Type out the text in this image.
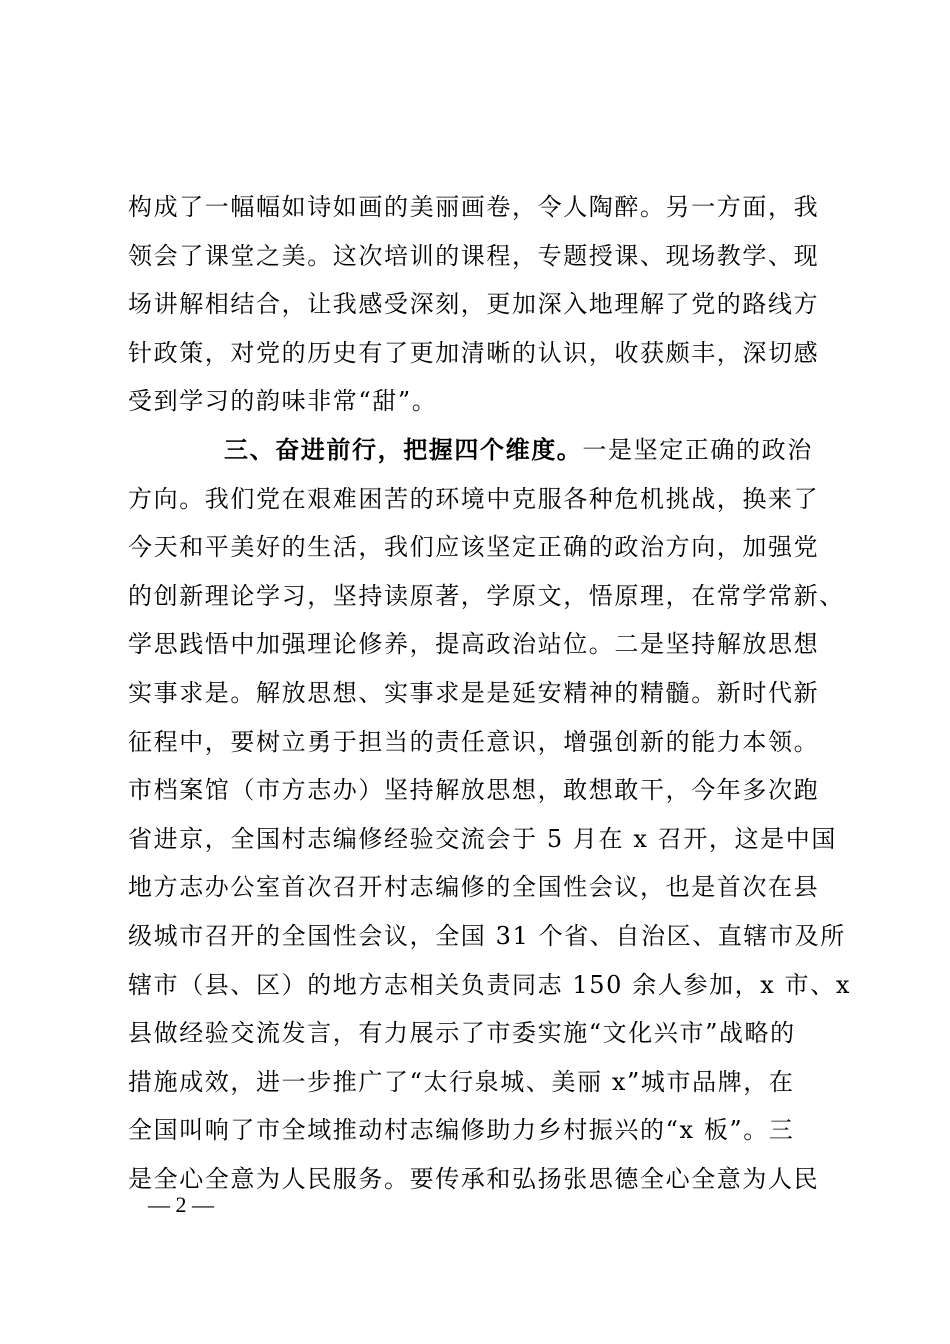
构成了一幅幅如诗如画的美丽画卷，令人陶醉。另一方面，我
领会了课堂之美。这次培训的课程，专题授课、现场教学、现
场讲解相结合，让我感受深刻，更加深入地理解了党的路线方
针政策，对党的历史有了更加清晰的认识，收获颇丰，深切感
受到学习的韵味非常“甜”。
三、奋进前行，把握四个维度。一是坚定正确的政治
方向。我们党在艰难困苦的环境中克服各种危机挑战，换来了
今天和平美好的生活，我们应该坚定正确的政治方向，加强党
的创新理论学习，坚持读原著，学原文，悟原理，在常学常新、
学思践悟中加强理论修养，提高政治站位。二是坚持解放思想
实事求是。解放思想、实事求是是延安精神的精髓。新时代新
征程中，要树立勇于担当的责任意识，增强创新的能力本领。
市档案馆（市方志办）坚持解放思想，敢想敢干，今年多次跑
省进京，全国村志编修经验交流会于 5 月在 x 召开，这是中国
地方志办公室首次召开村志编修的全国性会议，也是首次在县
级城市召开的全国性会议，全国 31 个省、自治区、直辖市及所
辖市（县、区）的地方志相关负责同志 150 余人参加，x 市、x
县做经验交流发言，有力展示了市委实施“文化兴市”战略的
措施成效，进一步推广了“太行泉城、美丽 x”城市品牌，在
全国叫响了市全域推动村志编修助力乡村振兴的“x 板”。三
是全心全意为人民服务。要传承和弘扬张思德全心全意为人民
— 2 —
